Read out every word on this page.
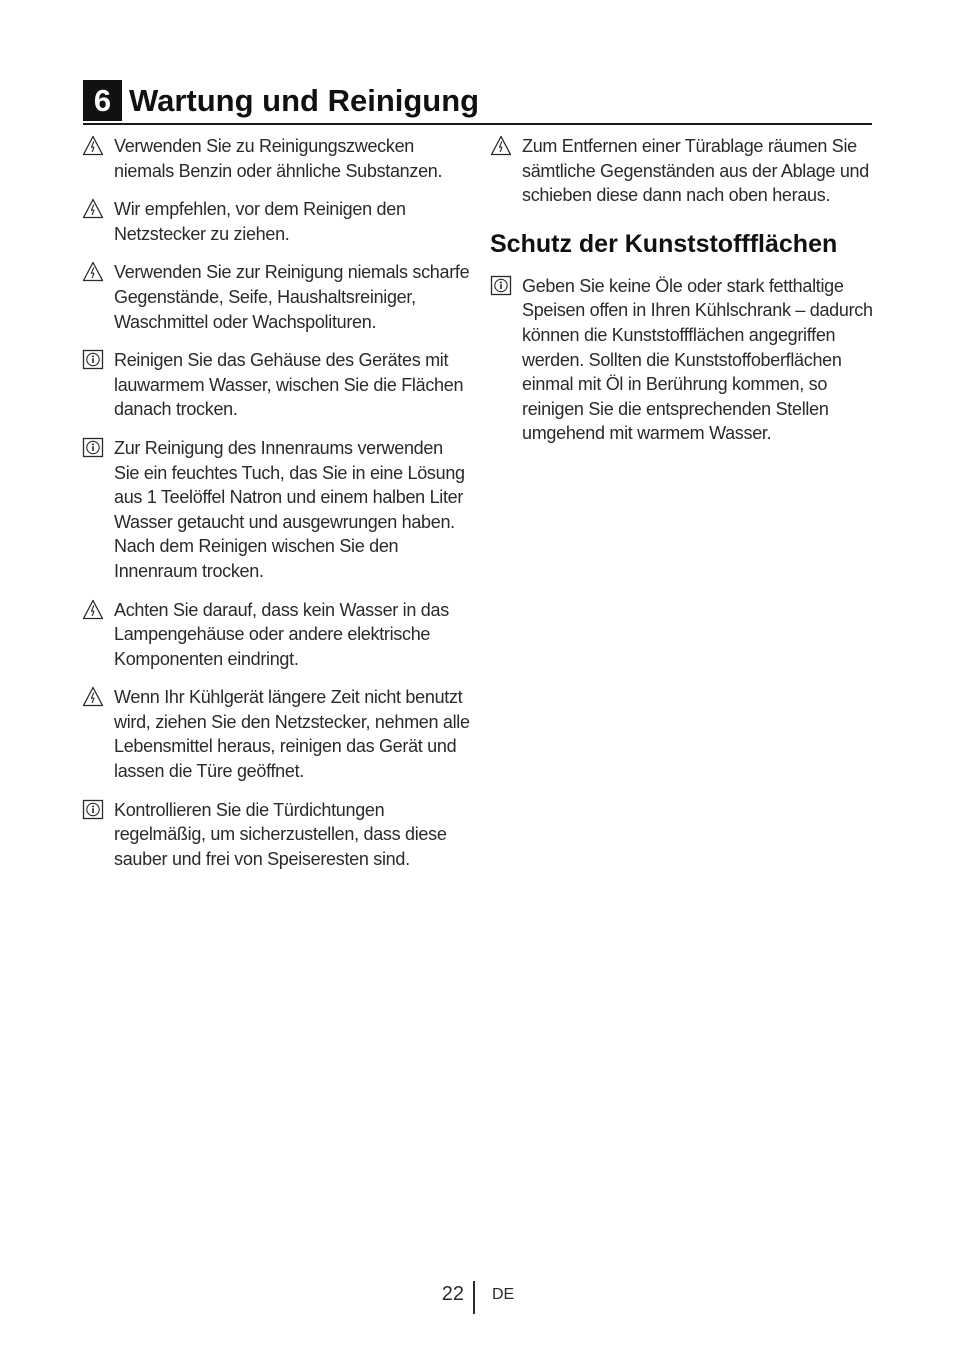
6 Wartung und Reinigung
Verwenden Sie zu Reinigungszwecken niemals Benzin oder ähnliche Substanzen.
Wir empfehlen, vor dem Reinigen den Netzstecker zu ziehen.
Verwenden Sie zur Reinigung niemals scharfe Gegenstände, Seife, Haushaltsreiniger, Waschmittel oder Wachspolituren.
Reinigen Sie das Gehäuse des Gerätes mit lauwarmem Wasser, wischen Sie die Flächen danach trocken.
Zur Reinigung des Innenraums verwenden Sie ein feuchtes Tuch, das Sie in eine Lösung aus 1 Teelöffel Natron und einem halben Liter Wasser getaucht und ausgewrungen haben. Nach dem Reinigen wischen Sie den Innenraum trocken.
Achten Sie darauf, dass kein Wasser in das Lampengehäuse oder andere elektrische Komponenten eindringt.
Wenn Ihr Kühlgerät längere Zeit nicht benutzt wird, ziehen Sie den Netzstecker, nehmen alle Lebensmittel heraus, reinigen das Gerät und lassen die Türe geöffnet.
Kontrollieren Sie die Türdichtungen regelmäßig, um sicherzustellen, dass diese sauber und frei von Speiseresten sind.
Zum Entfernen einer Türablage räumen Sie sämtliche Gegenständen aus der Ablage und schieben diese dann nach oben heraus.
Schutz der Kunststoffflächen
Geben Sie keine Öle oder stark fetthaltige Speisen offen in Ihren Kühlschrank – dadurch können die Kunststoffflächen angegriffen werden. Sollten die Kunststoffoberflächen einmal mit Öl in Berührung kommen, so reinigen Sie die entsprechenden Stellen umgehend mit warmem Wasser.
22 DE
